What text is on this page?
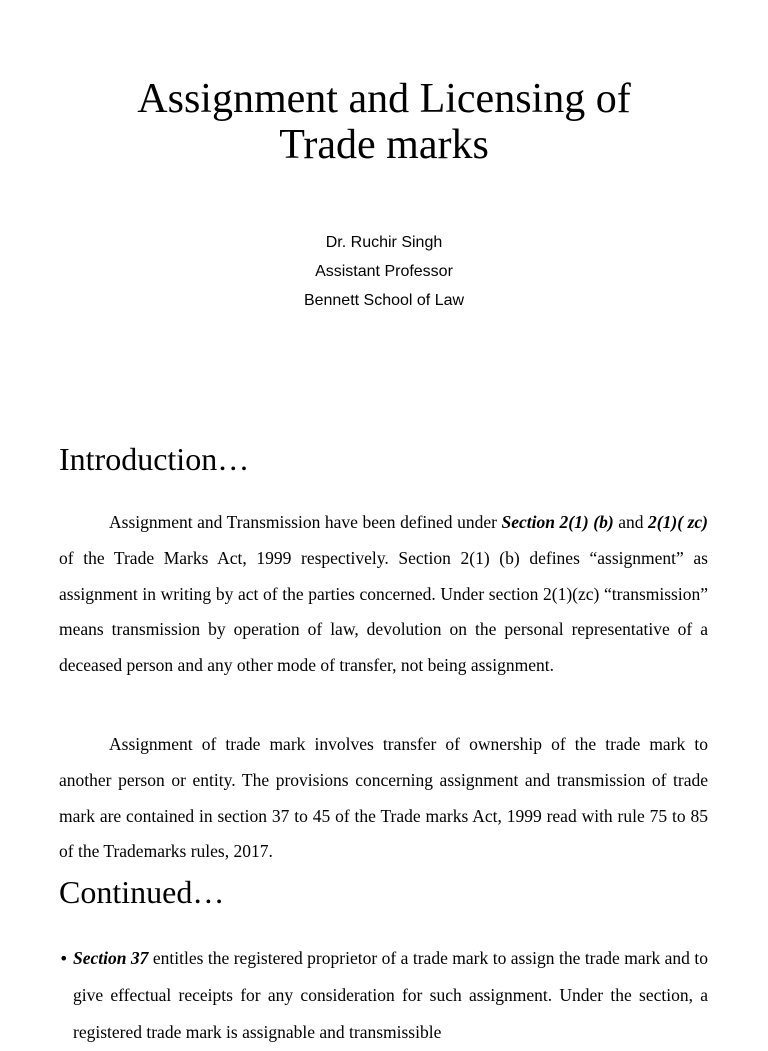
Assignment and Licensing of
Trade marks
Dr. Ruchir Singh
Assistant Professor
Bennett School of Law
Introduction…

Assignment and Transmission have been defined under Section 2(1) (b) and 2(1)( zc) of the Trade Marks Act, 1999 respectively. Section 2(1) (b) defines “assignment” as assignment in writing by act of the parties concerned. Under section 2(1)(zc) “transmission” means transmission by operation of law, devolution on the personal representative of a deceased person and any other mode of transfer, not being assignment.

Assignment of trade mark involves transfer of ownership of the trade mark to another person or entity. The provisions concerning assignment and transmission of trade mark are contained in section 37 to 45 of the Trade marks Act, 1999 read with rule 75 to 85 of the Trademarks rules, 2017.

Continued…
• Section 37 entitles the registered proprietor of a trade mark to assign the trade mark and to give effectual receipts for any consideration for such assignment. Under the section, a registered trade mark is assignable and transmissible
